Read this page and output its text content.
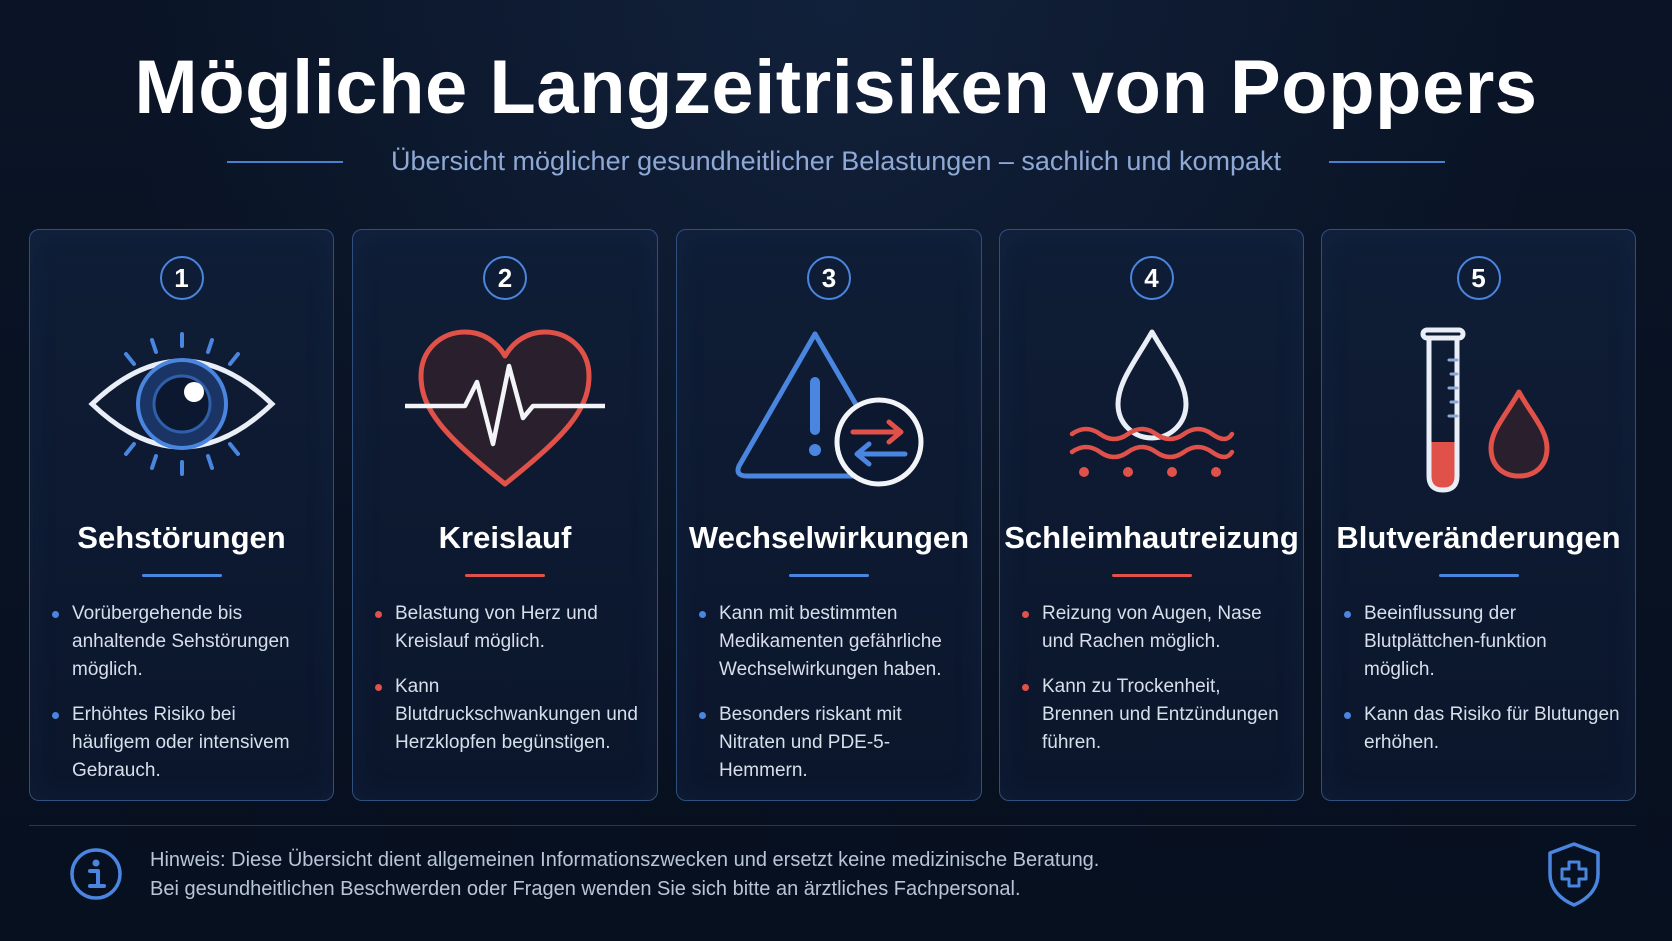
Mögliche Langzeitrisiken von Poppers
Übersicht möglicher gesundheitlicher Belastungen – sachlich und kompakt
1
Sehstörungen
Vorübergehende bis anhaltende Sehstörungen möglich.
Erhöhtes Risiko bei häufigem oder intensivem Gebrauch.
2
Kreislauf
Belastung von Herz und Kreislauf möglich.
Kann Blutdruckschwankungen und Herzklopfen begünstigen.
3
Wechselwirkungen
Kann mit bestimmten Medikamenten gefährliche Wechselwirkungen haben.
Besonders riskant mit Nitraten und PDE-5-Hemmern.
4
Schleimhautreizung
Reizung von Augen, Nase und Rachen möglich.
Kann zu Trockenheit, Brennen und Entzündungen führen.
5
Blutveränderungen
Beeinflussung der Blutplättchen-funktion möglich.
Kann das Risiko für Blutungen erhöhen.
Hinweis: Diese Übersicht dient allgemeinen Informationszwecken und ersetzt keine medizinische Beratung.
Bei gesundheitlichen Beschwerden oder Fragen wenden Sie sich bitte an ärztliches Fachpersonal.
